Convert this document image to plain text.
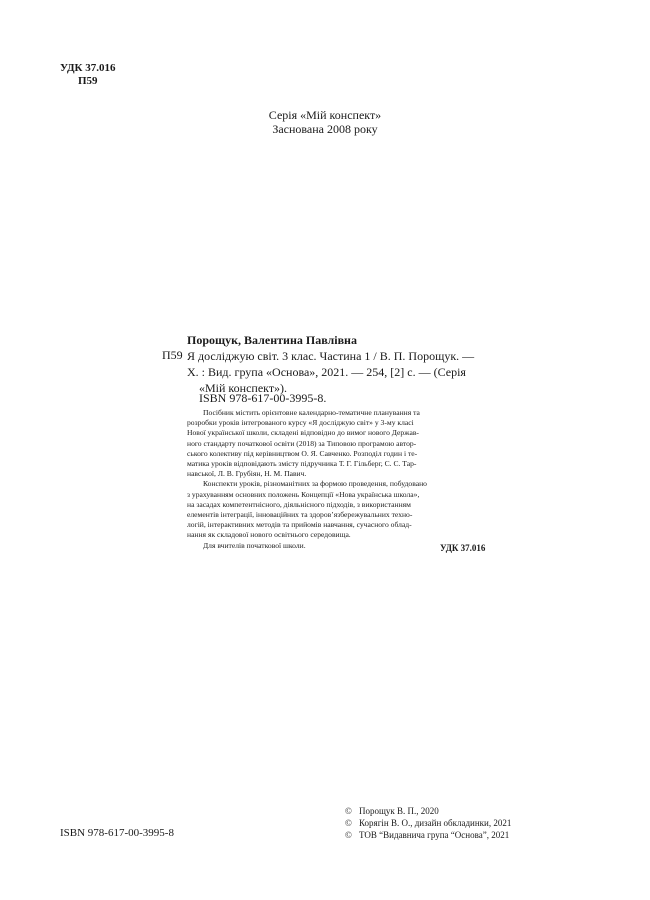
УДК 37.016
П59
Серія «Мій конспект»
Заснована 2008 року
Порощук, Валентина Павлівна
П59 Я досліджую світ. 3 клас. Частина 1 / В. П. Порощук. —
Х. : Вид. група «Основа», 2021. — 254, [2] с. — (Серія
«Мій конспект»).
ISBN 978-617-00-3995-8.
Посібник містить орієнтовне календарно-тематичне планування та
розробки уроків інтегрованого курсу «Я досліджую світ» у 3-му класі
Нової української школи, складені відповідно до вимог нового Держав-
ного стандарту початкової освіти (2018) за Типовою програмою автор-
ського колективу під керівництвом О. Я. Савченко. Розподіл годин і те-
матика уроків відповідають змісту підручника Т. Г. Гільберг, С. С. Тар-
навської, Л. В. Грубіян, Н. М. Павич.
Конспекти уроків, різноманітних за формою проведення, побудовано
з урахуванням основних положень Концепції «Нова українська школа»,
на засадах компетентнісного, діяльнісного підходів, з використанням
елементів інтеграції, інноваційних та здоров’язбережувальних техно-
логій, інтерактивних методів та прийомів навчання, сучасного облад-
нання як складової нового освітнього середовища.
Для вчителів початкової школи.	УДК 37.016
ISBN 978-617-00-3995-8
© Порощук В. П., 2020
© Корягін В. О., дизайн обкладинки, 2021
© ТОВ “Видавнича група “Основа”, 2021
